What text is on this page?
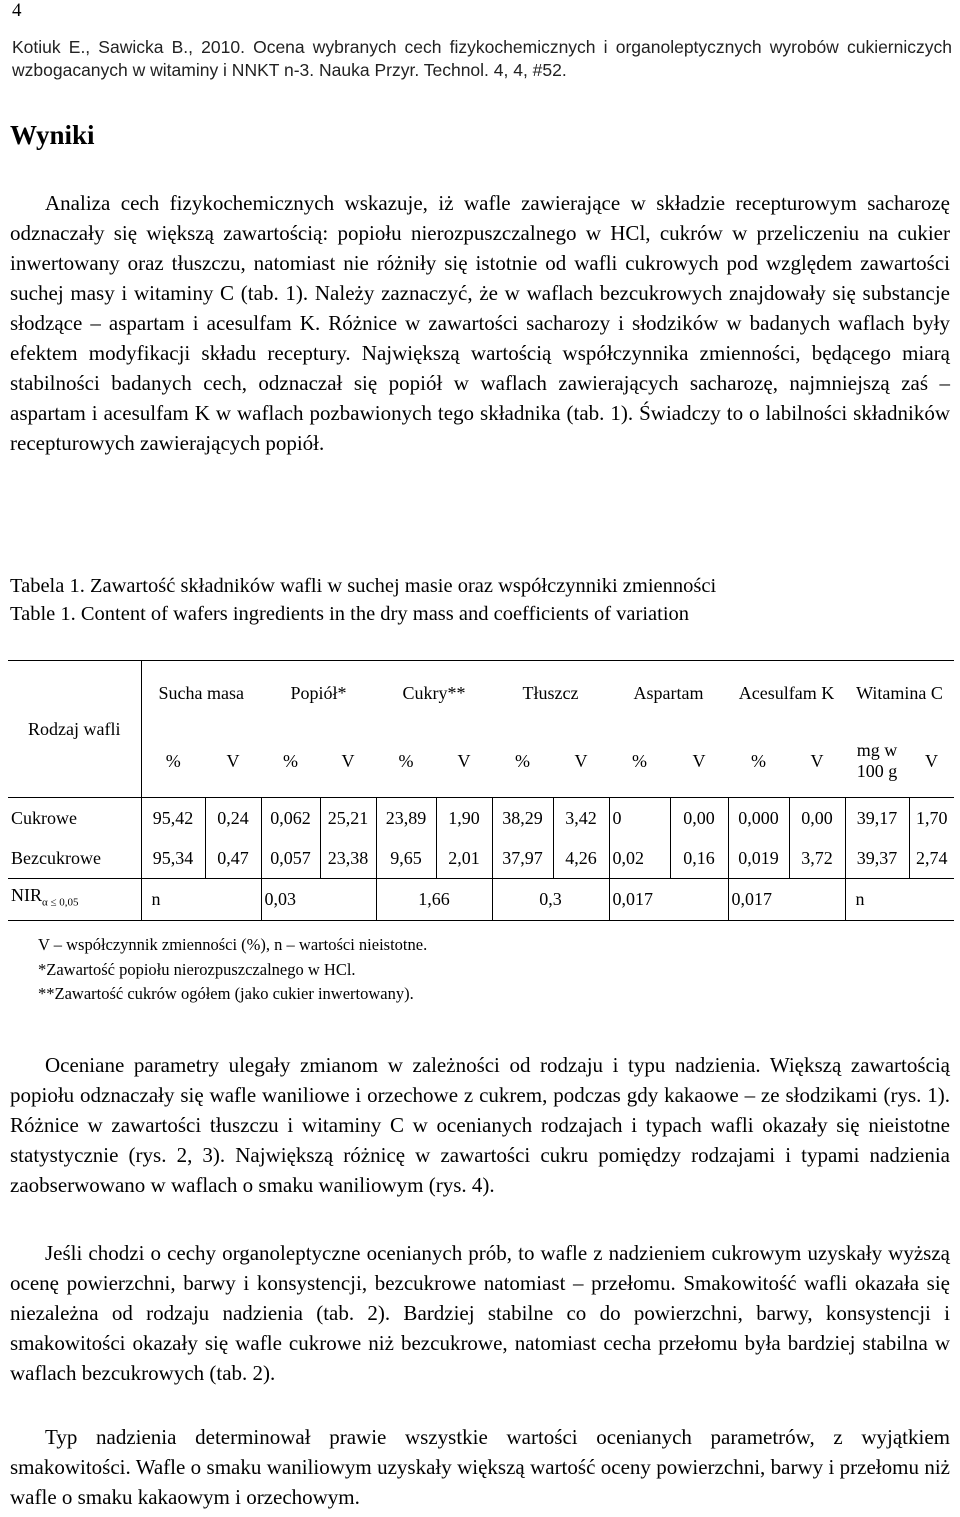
4
Kotiuk E., Sawicka B., 2010. Ocena wybranych cech fizykochemicznych i organoleptycznych wyrobów cukierniczych wzbogacanych w witaminy i NNKT n-3. Nauka Przyr. Technol. 4, 4, #52.
Wyniki

Analiza cech fizykochemicznych wskazuje, iż wafle zawierające w składzie recepturowym sacharozę odznaczały się większą zawartością: popiołu nierozpuszczalnego w HCl, cukrów w przeliczeniu na cukier inwertowany oraz tłuszczu, natomiast nie różniły się istotnie od wafli cukrowych pod względem zawartości suchej masy i witaminy C (tab. 1). Należy zaznaczyć, że w waflach bezcukrowych znajdowały się substancje słodzące – aspartam i acesulfam K. Różnice w zawartości sacharozy i słodzików w badanych waflach były efektem modyfikacji składu receptury. Największą wartością współczynnika zmienności, będącego miarą stabilności badanych cech, odznaczał się popiół w waflach zawierających sacharozę, najmniejszą zaś – aspartam i acesulfam K w waflach pozbawionych tego składnika (tab. 1). Świadczy to o labilności składników recepturowych zawierających popiół.

Tabela 1. Zawartość składników wafli w suchej masie oraz współczynniki zmienności
Table 1. Content of wafers ingredients in the dry mass and coefficients of variation
Rodzaj wafli	Sucha masa		Popiół*		Cukry**		Tłuszcz		Aspartam		Acesulfam K		Witamina C	
	%	V	%	V	%	V	%	V	%	V	%	V	mg w 100 g	V
Cukrowe	95,42	0,24	0,062	25,21	23,89	1,90	38,29	3,42	0	0,00	0,000	0,00	39,17	1,70
Bezcukrowe	95,34	0,47	0,057	23,38	9,65	2,01	37,97	4,26	0,02	0,16	0,019	3,72	39,37	2,74
$NIR_{\alpha \le 0,05}$	n		0,03		1,66		0,3		0,017		0,017		n	
V – współczynnik zmienności (%), n – wartości nieistotne.
*Zawartość popiołu nierozpuszczalnego w HCl.
**Zawartość cukrów ogółem (jako cukier inwertowany).

Oceniane parametry ulegały zmianom w zależności od rodzaju i typu nadzienia. Większą zawartością popiołu odznaczały się wafle waniliowe i orzechowe z cukrem, podczas gdy kakaowe – ze słodzikami (rys. 1). Różnice w zawartości tłuszczu i witaminy C w ocenianych rodzajach i typach wafli okazały się nieistotne statystycznie (rys. 2, 3). Największą różnicę w zawartości cukru pomiędzy rodzajami i typami nadzienia zaobserwowano w waflach o smaku waniliowym (rys. 4).

Jeśli chodzi o cechy organoleptyczne ocenianych prób, to wafle z nadzieniem cukrowym uzyskały wyższą ocenę powierzchni, barwy i konsystencji, bezcukrowe natomiast – przełomu. Smakowitość wafli okazała się niezależna od rodzaju nadzienia (tab. 2). Bardziej stabilne co do powierzchni, barwy, konsystencji i smakowitości okazały się wafle cukrowe niż bezcukrowe, natomiast cecha przełomu była bardziej stabilna w waflach bezcukrowych (tab. 2).

Typ nadzienia determinował prawie wszystkie wartości ocenianych parametrów, z wyjątkiem smakowitości. Wafle o smaku waniliowym uzyskały większą wartość oceny powierzchni, barwy i przełomu niż wafle o smaku kakaowym i orzechowym.
